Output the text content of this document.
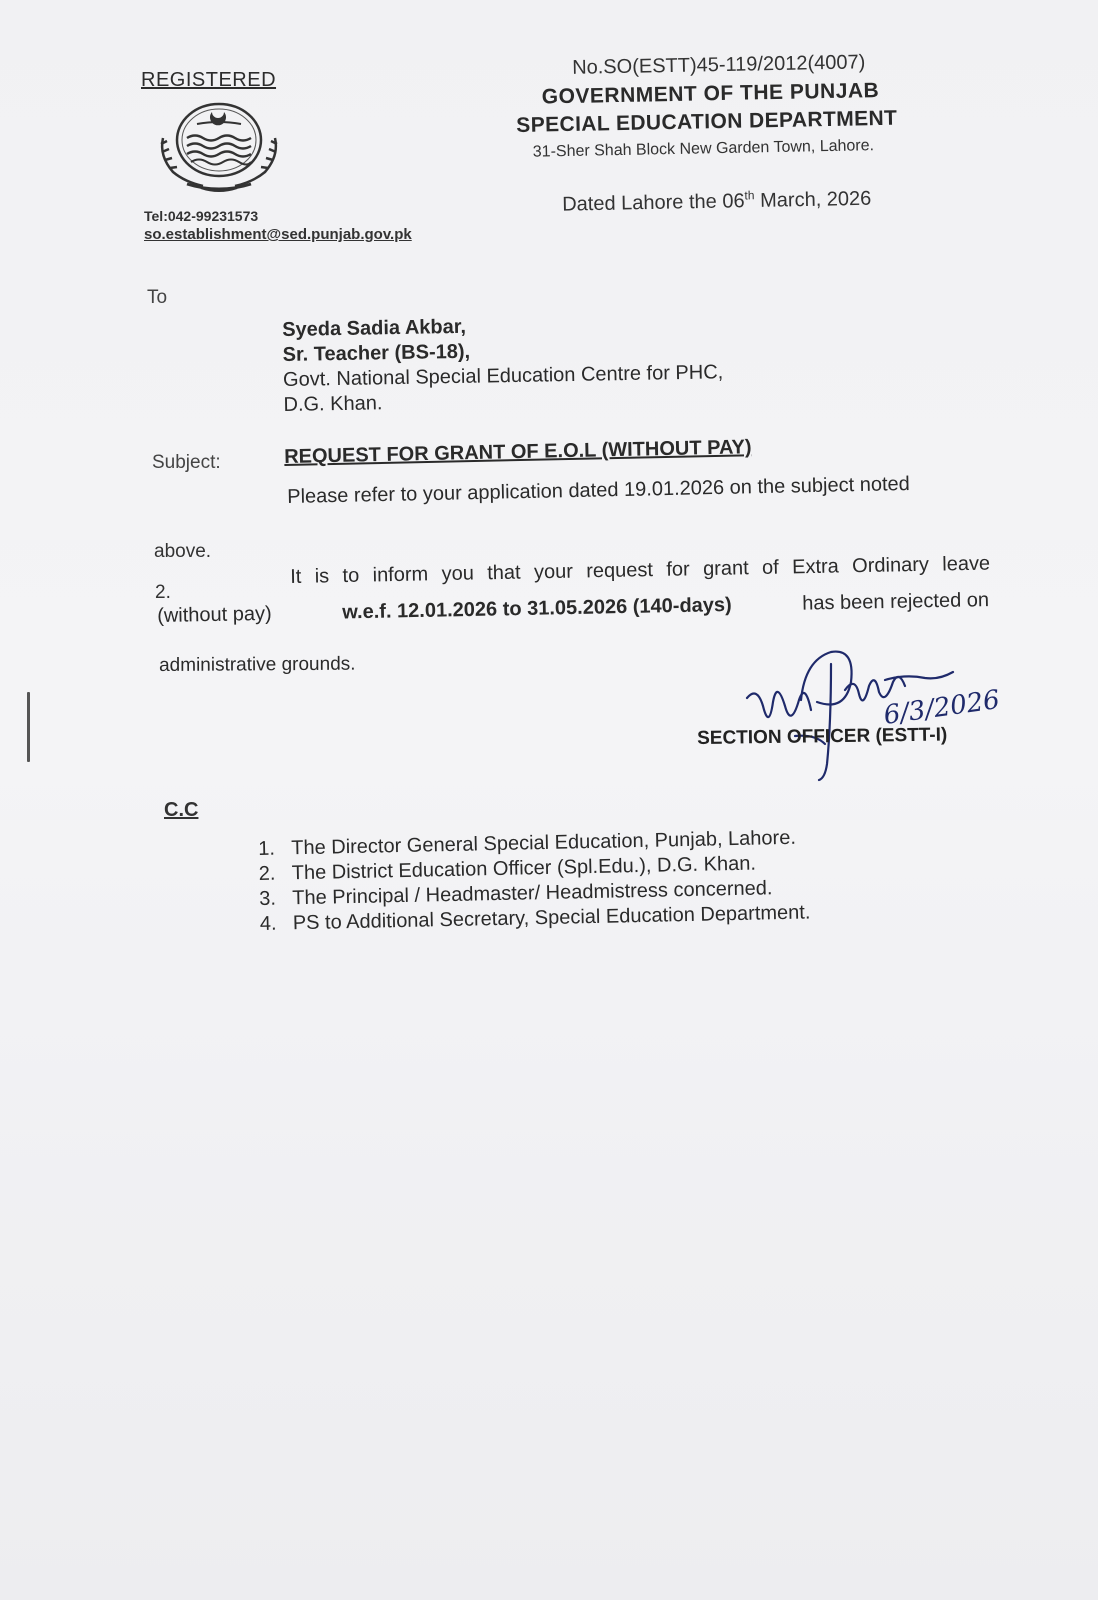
REGISTERED
Tel:042-99231573
so.establishment@sed.punjab.gov.pk
No.SO(ESTT)45-119/2012(4007)
GOVERNMENT OF THE PUNJAB
SPECIAL EDUCATION DEPARTMENT
31-Sher Shah Block New Garden Town, Lahore.
Dated Lahore the 06th March, 2026
To
Syeda Sadia Akbar,
Sr. Teacher (BS-18),
Govt. National Special Education Centre for PHC,
D.G. Khan.
Subject:	REQUEST FOR GRANT OF E.O.L (WITHOUT PAY)
Please refer to your application dated 19.01.2026 on the subject noted
above.
2.
It is to inform you that your request for grant of Extra Ordinary leave
(without pay)	w.e.f. 12.01.2026 to 31.05.2026 (140-days)	has been rejected on
administrative grounds.
6/3/2026
SECTION OFFICER (ESTT-I)
C.C
1. The Director General Special Education, Punjab, Lahore.
2. The District Education Officer (Spl.Edu.), D.G. Khan.
3. The Principal / Headmaster/ Headmistress concerned.
4. PS to Additional Secretary, Special Education Department.
